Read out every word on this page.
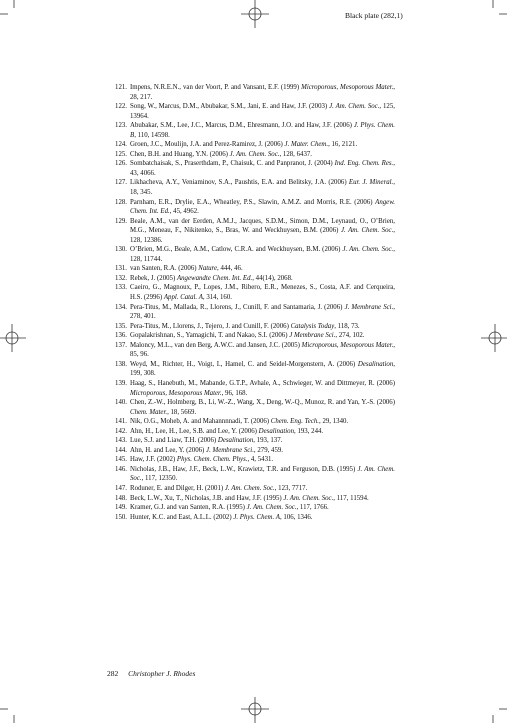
Black plate (282,1)
121. Impens, N.R.E.N., van der Voort, P. and Vansant, E.F. (1999) Microporous, Mesoporous Mater., 28, 217.
122. Song, W., Marcus, D.M., Abubakar, S.M., Jani, E. and Haw, J.F. (2003) J. Am. Chem. Soc., 125, 13964.
123. Abubakar, S.M., Lee, J.C., Marcus, D.M., Ehresmann, J.O. and Haw, J.F. (2006) J. Phys. Chem. B, 110, 14598.
124. Groen, J.C., Moulijn, J.A. and Perez-Ramirez, J. (2006) J. Mater. Chem., 16, 2121.
125. Chen, B.H. and Huang, Y.N. (2006) J. Am. Chem. Soc., 128, 6437.
126. Sombatchaisak, S., Praserthdam, P., Chaisuk, C. and Panpranot, J. (2004) Ind. Eng. Chem. Res., 43, 4066.
127. Likhacheva, A.Y., Veniaminov, S.A., Paushtis, E.A. and Belitsky, J.A. (2006) Eur. J. Mineral., 18, 345.
128. Parnham, E.R., Drylie, E.A., Wheatley, P.S., Slawin, A.M.Z. and Morris, R.E. (2006) Angew. Chem. Int. Ed., 45, 4962.
129. Beale, A.M., van der Eerden, A.M.J., Jacques, S.D.M., Simon, D.M., Leynaud, O., O’Brien, M.G., Meneau, F., Nikitenko, S., Bras, W. and Weckhuysen, B.M. (2006) J. Am. Chem. Soc., 128, 12386.
130. O’Brien, M.G., Beale, A.M., Catlow, C.R.A. and Weckhuysen, B.M. (2006) J. Am. Chem. Soc., 128, 11744.
131. van Santen, R.A. (2006) Nature, 444, 46.
132. Rebek, J. (2005) Angewandte Chem. Int. Ed., 44(14), 2068.
133. Caeiro, G., Magnoux, P., Lopes, J.M., Ribero, E.R., Menezes, S., Costa, A.F. and Cerqueira, H.S. (2996) Appl. Catal. A, 314, 160.
134. Pera-Titus, M., Mallada, R., Llorens, J., Cunill, F. and Santamaria, J. (2006) J. Membrane Sci., 278, 401.
135. Pera-Titus, M., Llorens, J., Tejero, J. and Cunill, F. (2006) Catalysis Today, 118, 73.
136. Gopalakrishnan, S., Yamagichi, T. and Nakao, S.I. (2006) J Membrane Sci., 274, 102.
137. Malоncy, M.L., van den Berg, A.W.C. and Jansen, J.C. (2005) Microporous, Mesoporous Mater., 85, 96.
138. Weyd, M., Richter, H., Voigt, I., Hamel, C. and Seidel-Morgenstern, A. (2006) Desalination, 199, 308.
139. Haag, S., Hanebuth, M., Mabande, G.T.P., Avhale, A., Schwieger, W. and Dittmeyer, R. (2006) Microporous, Mesoporous Mater., 96, 168.
140. Chen, Z.-W., Holmberg, B., Li, W.-Z., Wang, X., Deng, W.-Q., Munoz, R. and Yan, Y.-S. (2006) Chem. Mater., 18, 5669.
141. Nik, O.G., Moheb, A. and Mahannnnadi, T. (2006) Chem. Eng. Tech., 29, 1340.
142. Ahn, H., Lee, H., Lee, S.B. and Lee, Y. (2006) Desalination, 193, 244.
143. Lue, S.J. and Liaw, T.H. (2006) Desalination, 193, 137.
144. Ahn, H. and Lee, Y. (2006) J. Membrane Sci., 279, 459.
145. Haw, J.F. (2002) Phys. Chem. Chem. Phys., 4, 5431.
146. Nicholas, J.B., Haw, J.F., Beck, L.W., Krawietz, T.R. and Ferguson, D.B. (1995) J. Am. Chem. Soc., 117, 12350.
147. Roduner, E. and Dilger, H. (2001) J. Am. Chem. Soc., 123, 7717.
148. Beck, L.W., Xu, T., Nicholas, J.B. and Haw, J.F. (1995) J. Am. Chem. Soc., 117, 11594.
149. Kramer, G.J. and van Santen, R.A. (1995) J. Am. Chem. Soc., 117, 1766.
150. Hunter, K.C. and East, A.L.L. (2002) J. Phys. Chem. A, 106, 1346.
282 Christopher J. Rhodes
